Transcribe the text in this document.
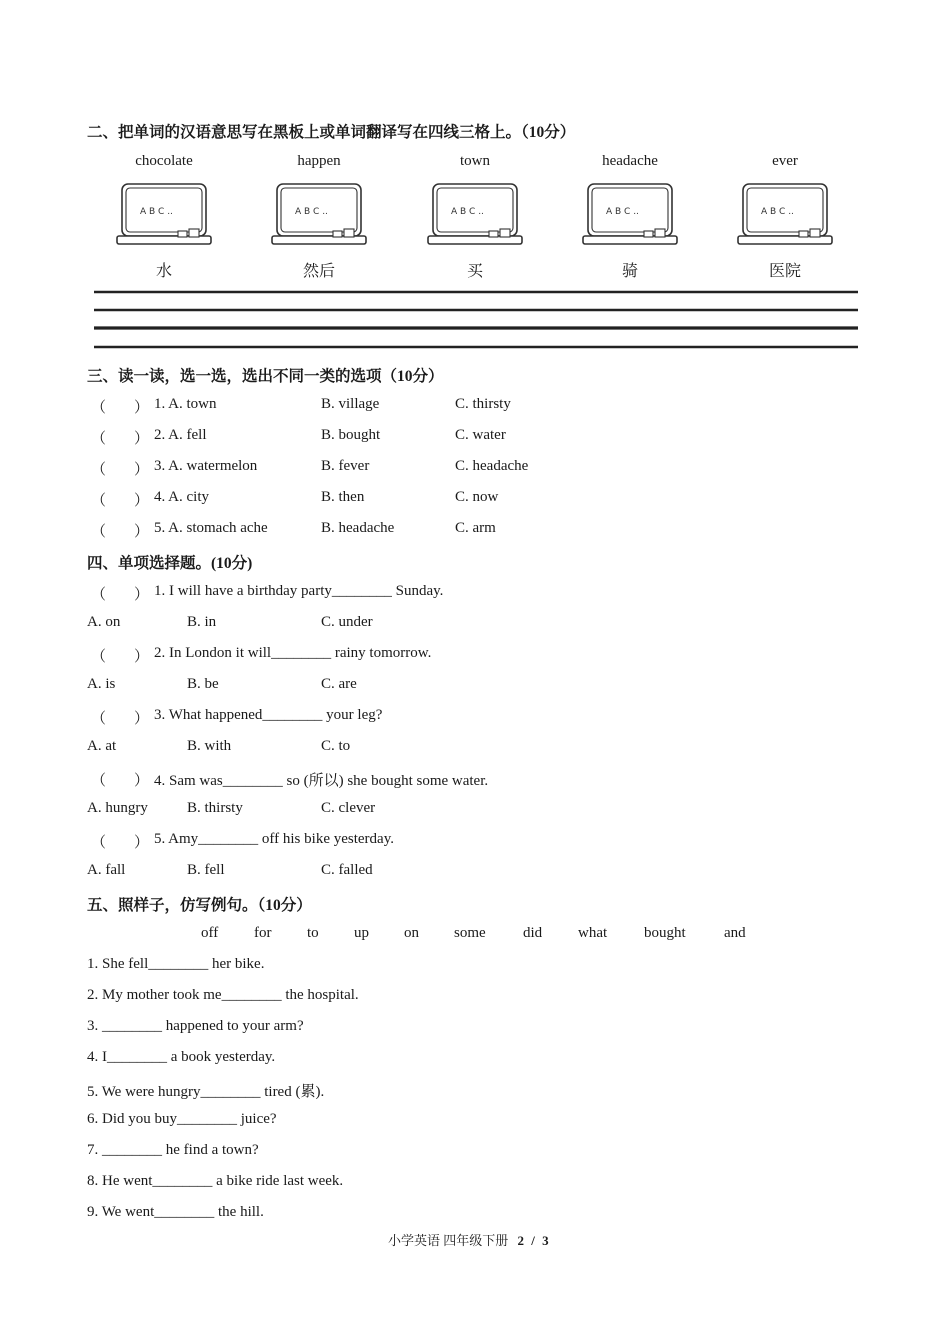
二、把单词的汉语意思写在黑板上或单词翻译写在四线三格上。（10分）
chocolate	happen	town	headache	ever
A B C ..	A B C ..	A B C ..	A B C ..	A B C ..
水	然后	买	骑	医院
三、读一读，选一选，选出不同一类的选项（10分）
（ ） 1. A. town	B. village	C. thirsty
（ ） 2. A. fell	B. bought	C. water
（ ） 3. A. watermelon	B. fever	C. headache
（ ） 4. A. city	B. then	C. now
（ ） 5. A. stomach ache	B. headache	C. arm
四、单项选择题。(10分)
（ ） 1. I will have a birthday party________ Sunday.
A. on	B. in	C. under
（ ） 2. In London it will________ rainy tomorrow.
A. is	B. be	C. are
（ ） 3. What happened________ your leg?
A. at	B. with	C. to
（ ） 4. Sam was________ so (所以) she bought some water.
A. hungry	B. thirsty	C. clever
（ ） 5. Amy________ off his bike yesterday.
A. fall	B. fell	C. falled
五、照样子，仿写例句。（10分）
off for to up on some did what bought	and
1. She fell________ her bike.
2. My mother took me________ the hospital.
3. ________ happened to your arm?
4. I________ a book yesterday.
5. We were hungry________ tired (累).
6. Did you buy________ juice?
7. ________ he find a town?
8. He went________ a bike ride last week.
9. We went________ the hill.
小学英语 四年级下册 2 / 3
